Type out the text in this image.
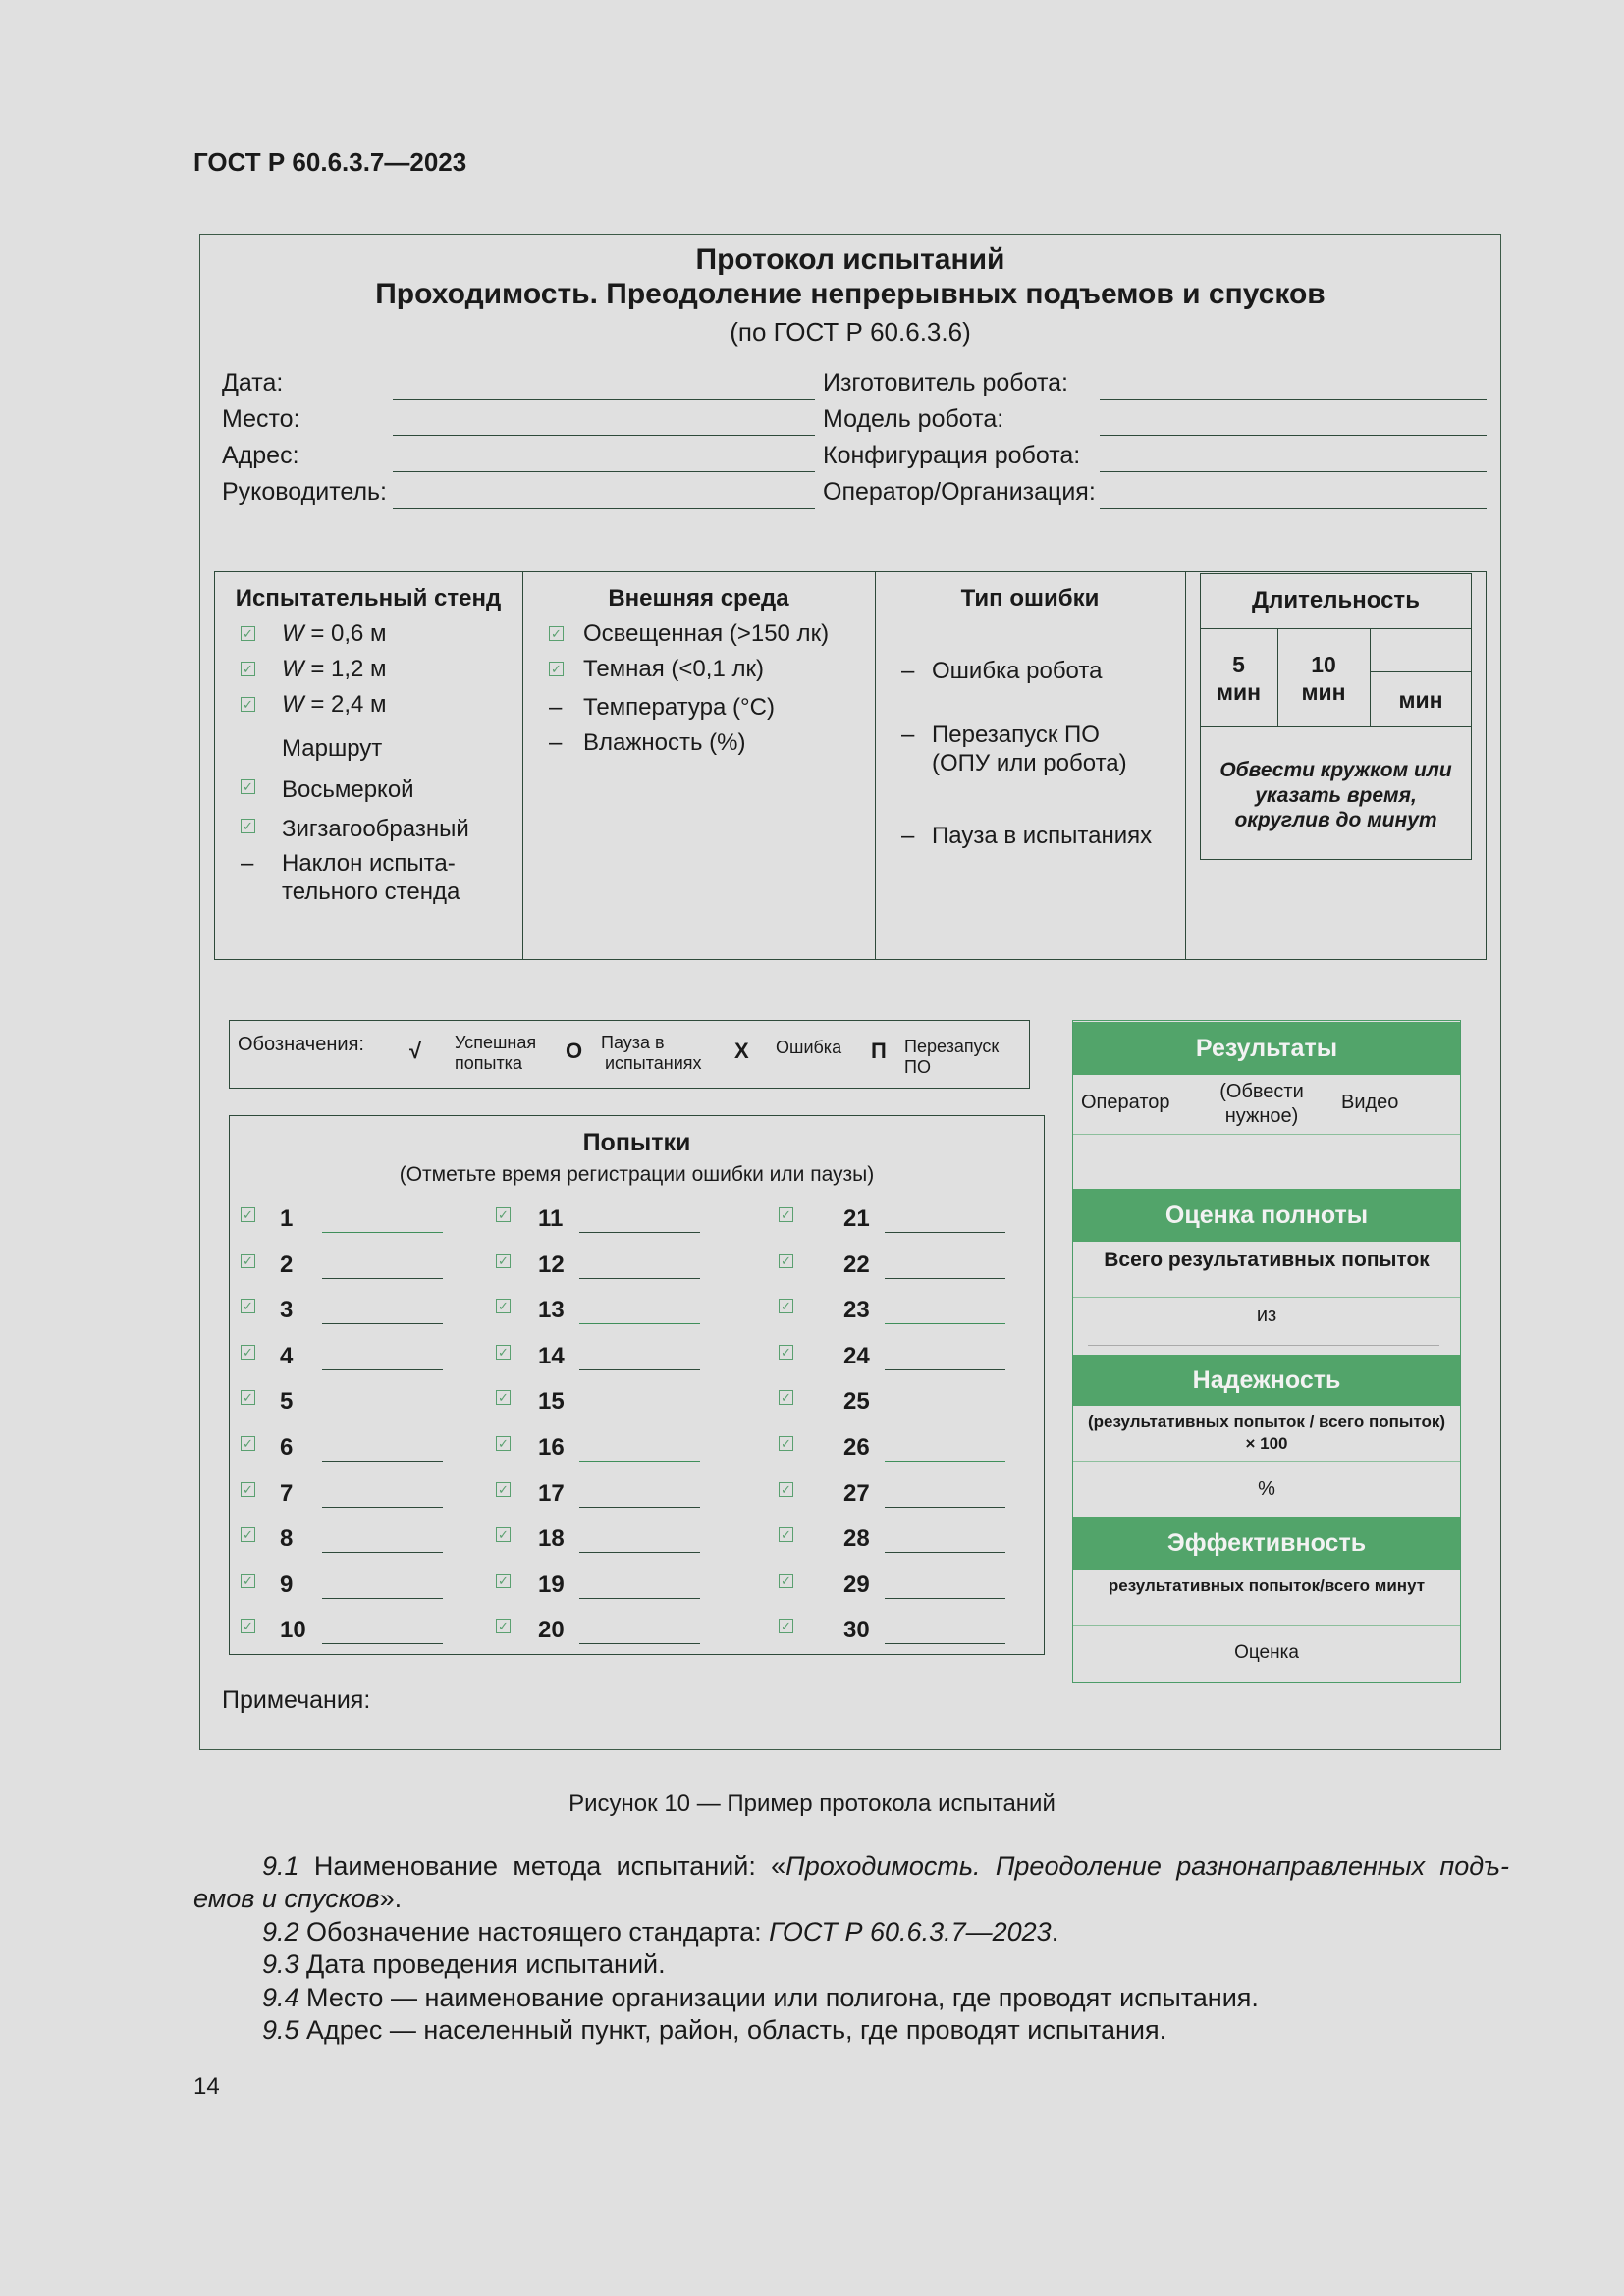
ГОСТ Р 60.6.3.7—2023
Протокол испытаний
Проходимость. Преодоление непрерывных подъемов и спусков
(по ГОСТ Р 60.6.3.6)
Дата:
Место:
Адрес:
Руководитель:
Изготовитель робота:
Модель робота:
Конфигурация робота:
Оператор/Организация:
Испытательный стенд
✓ W = 0,6 м
✓ W = 1,2 м
✓ W = 2,4 м
Маршрут
✓ Восьмеркой
✓ Зигзагообразный
– Наклон испыта-
тельного стенда
Внешняя среда
✓ Освещенная (>150 лк)
✓ Темная (<0,1 лк)
– Температура (°С)
– Влажность (%)
Тип ошибки
– Ошибка робота
– Перезапуск ПО
(ОПУ или робота)
– Пауза в испытаниях
Длительность
5
мин
10
мин	мин
Обвести кружком или
указать время,
округлив до минут
Обозначения: √ Успешная
попытка О Пауза в
испытаниях Х Ошибка П Перезапуск
ПО
Попытки
(Отметьте время регистрации ошибки или паузы)
✓ 1
✓ 2
✓ 3
✓ 4
✓ 5
✓ 6
✓ 7
✓ 8
✓ 9
✓ 10
✓ 11
✓ 12
✓ 13
✓ 14
✓ 15
✓ 16
✓ 17
✓ 18
✓ 19
✓ 20
✓ 21
✓ 22
✓ 23
✓ 24
✓ 25
✓ 26
✓ 27
✓ 28
✓ 29
✓ 30
Результаты
Оператор	(Обвести
нужное)
Видео
Оценка полноты
Всего результативных попыток
из
Надежность
(результативных попыток / всего попыток)
× 100
%
Эффективность
результативных попыток/всего минут
Оценка
Примечания:
Рисунок 10 — Пример протокола испытаний
9.1 Наименование метода испытаний: «Проходимость. Преодоление разнонаправленных подъ-
емов и спусков».
9.2 Обозначение настоящего стандарта: ГОСТ Р 60.6.3.7—2023.
9.3 Дата проведения испытаний.
9.4 Место — наименование организации или полигона, где проводят испытания.
9.5 Адрес — населенный пункт, район, область, где проводят испытания.
14
